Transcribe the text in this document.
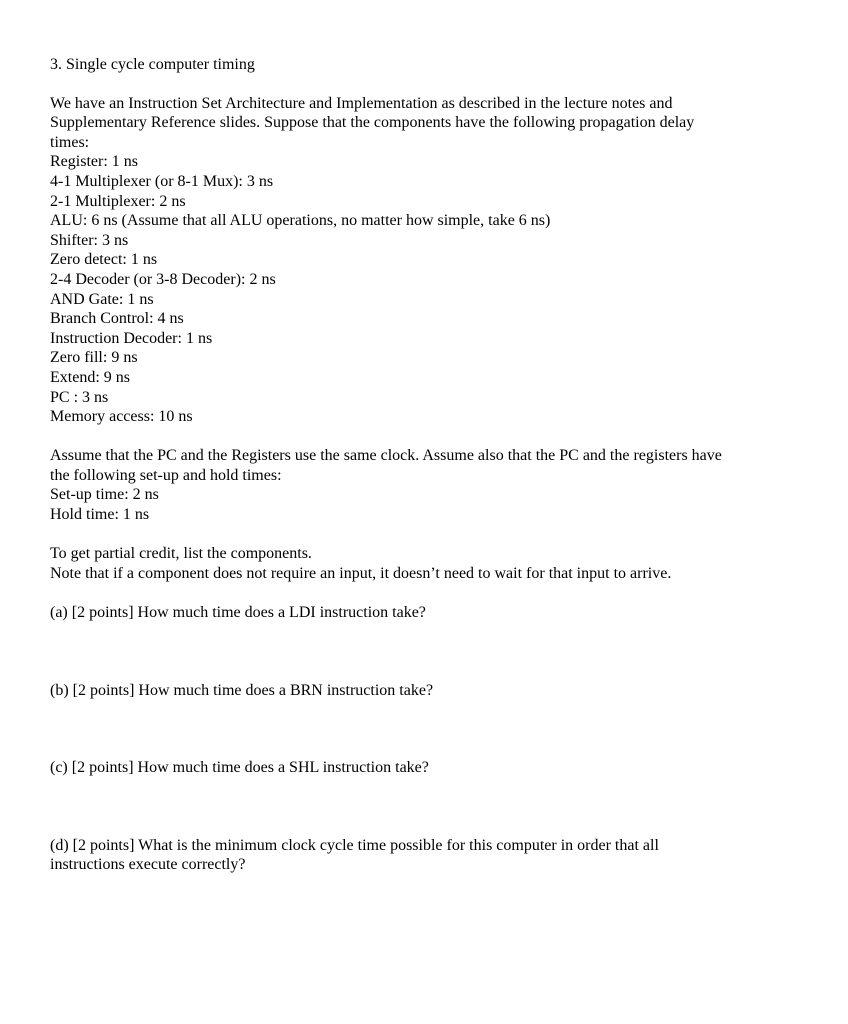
3. Single cycle computer timing
We have an Instruction Set Architecture and Implementation as described in the lecture notes and
Supplementary Reference slides. Suppose that the components have the following propagation delay
times:
Register: 1 ns
4-1 Multiplexer (or 8-1 Mux): 3 ns
2-1 Multiplexer: 2 ns
ALU: 6 ns (Assume that all ALU operations, no matter how simple, take 6 ns)
Shifter: 3 ns
Zero detect: 1 ns
2-4 Decoder (or 3-8 Decoder): 2 ns
AND Gate: 1 ns
Branch Control: 4 ns
Instruction Decoder: 1 ns
Zero fill: 9 ns
Extend: 9 ns
PC : 3 ns
Memory access: 10 ns
Assume that the PC and the Registers use the same clock. Assume also that the PC and the registers have
the following set-up and hold times:
Set-up time: 2 ns
Hold time: 1 ns
To get partial credit, list the components.
Note that if a component does not require an input, it doesn’t need to wait for that input to arrive.
(a) [2 points] How much time does a LDI instruction take?
(b) [2 points] How much time does a BRN instruction take?
(c) [2 points] How much time does a SHL instruction take?
(d) [2 points] What is the minimum clock cycle time possible for this computer in order that all
instructions execute correctly?
